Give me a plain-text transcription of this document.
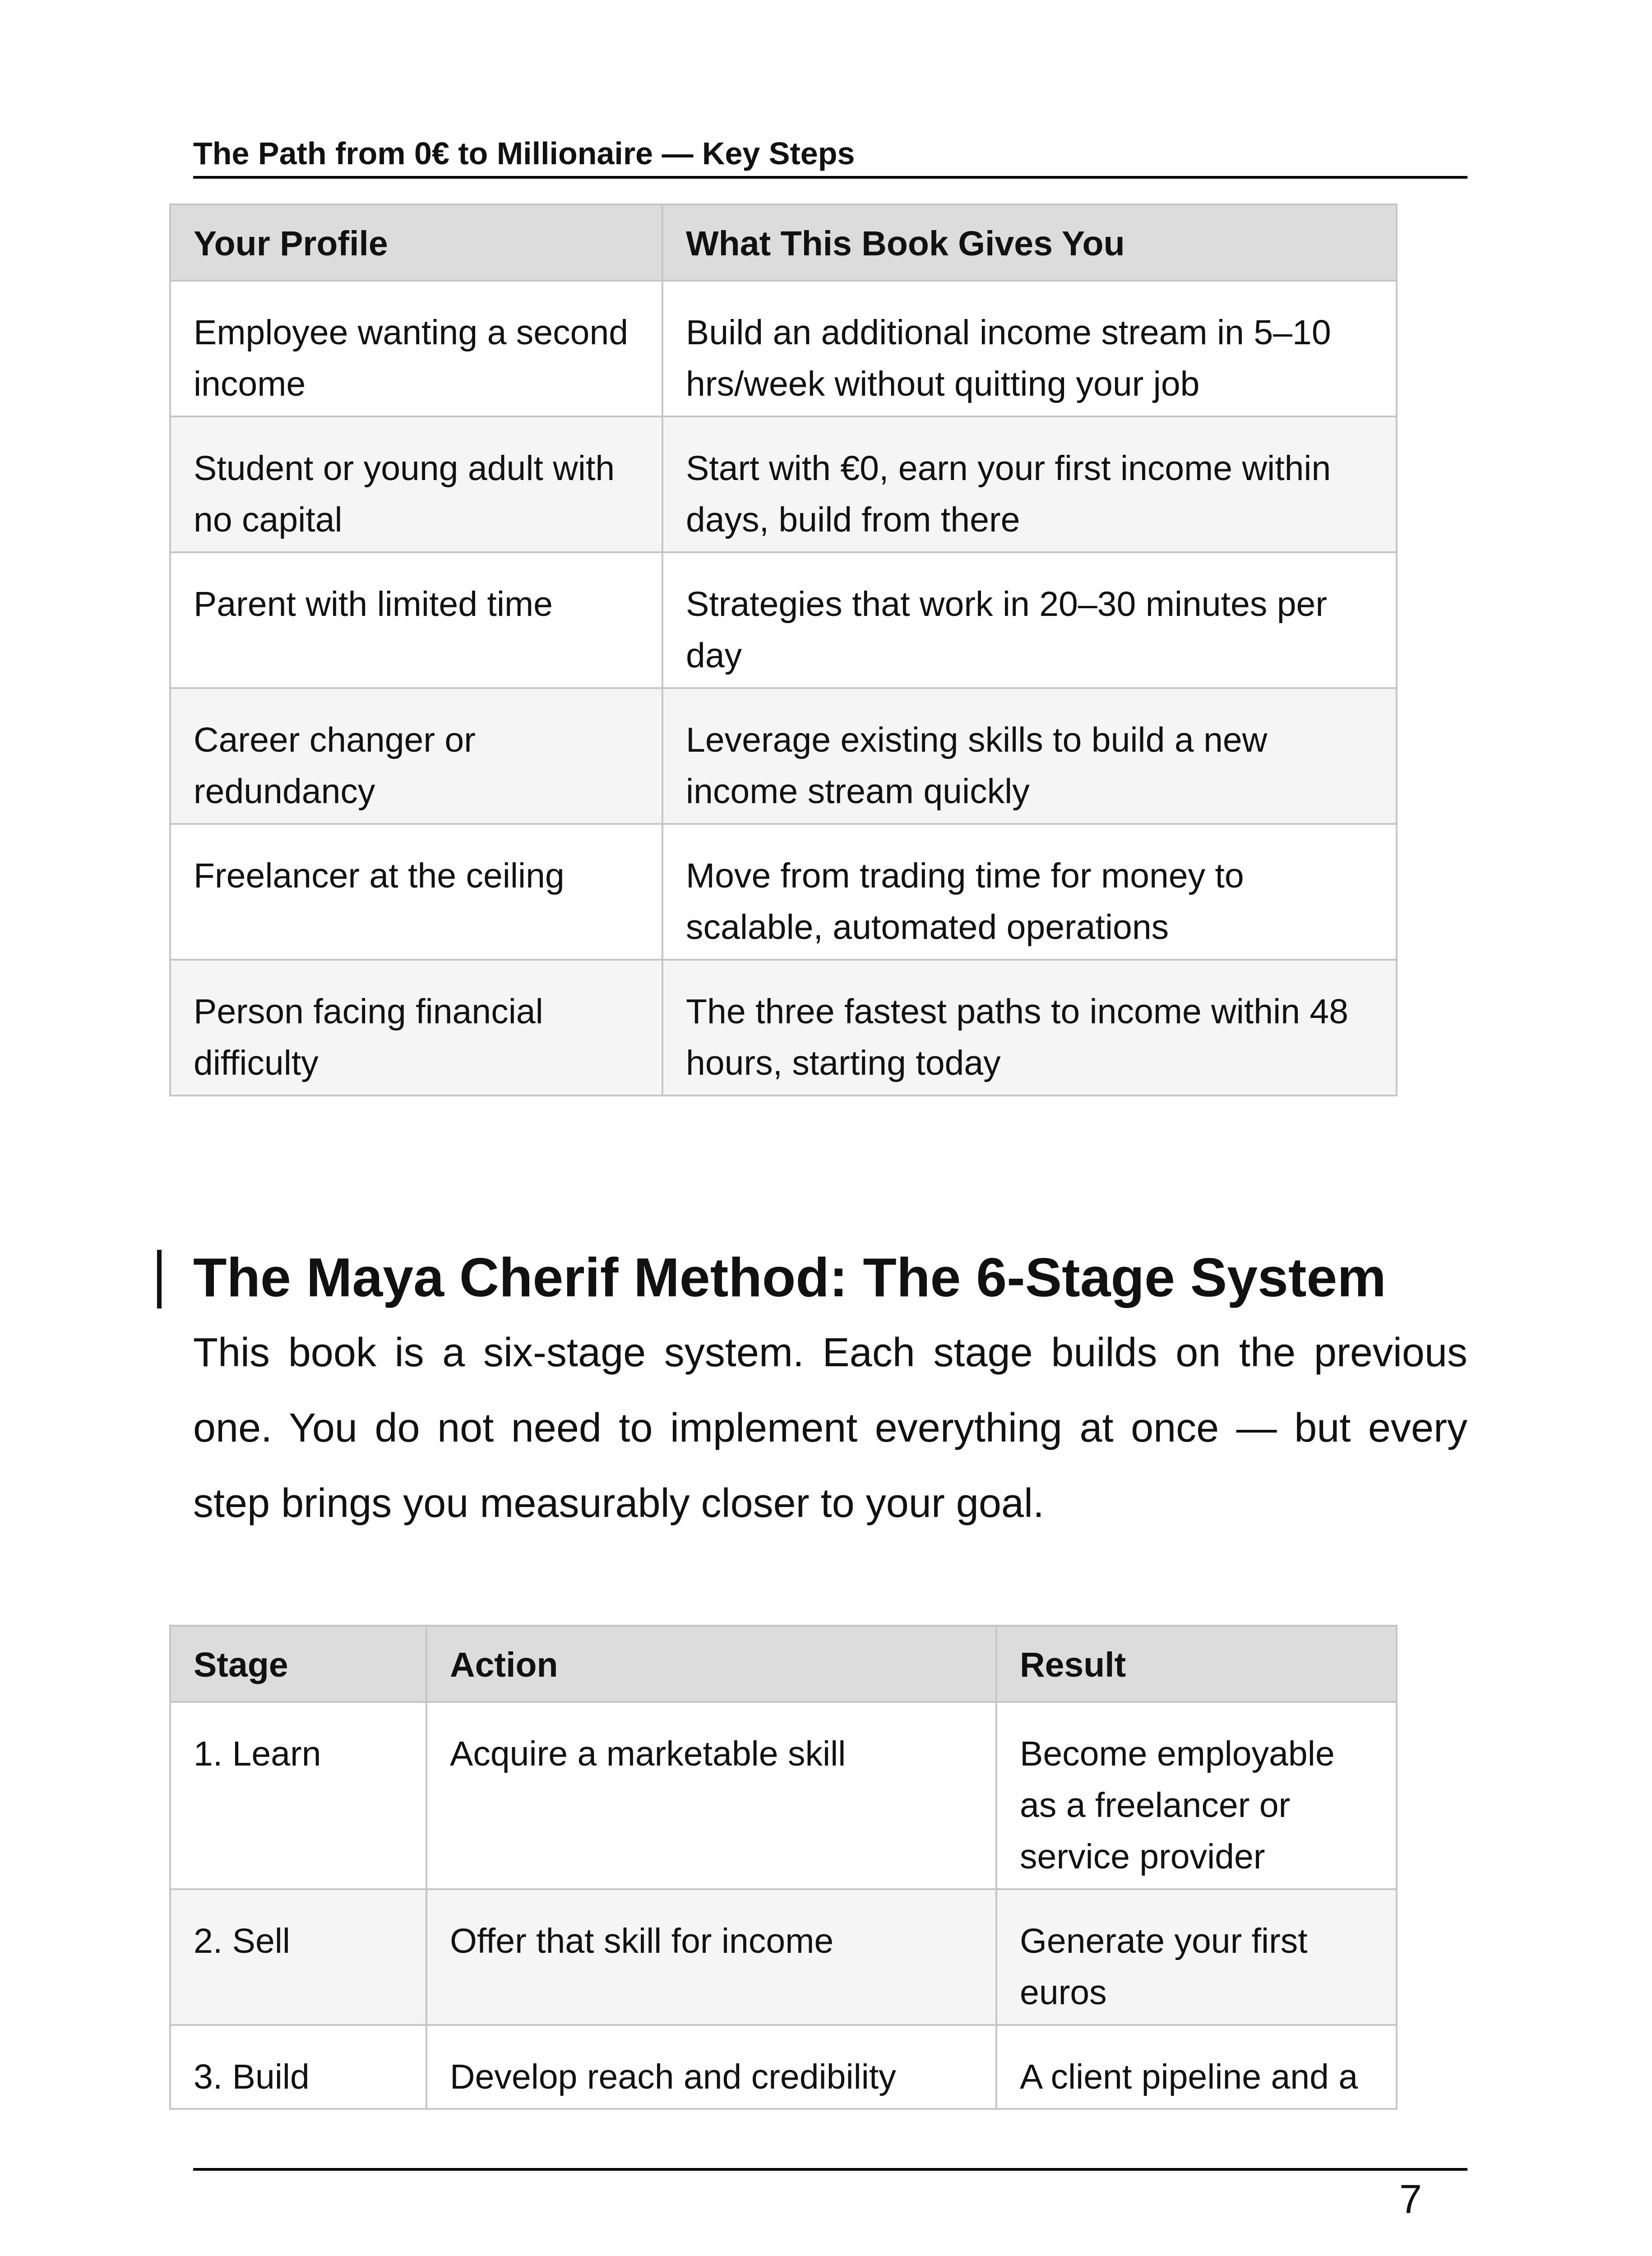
The Path from 0€ to Millionaire — Key Steps
Your Profile	What This Book Gives You
Employee wanting a second income	Build an additional income stream in 5–10 hrs/week without quitting your job
Student or young adult with no capital	Start with €0, earn your first income within days, build from there
Parent with limited time	Strategies that work in 20–30 minutes per day
Career changer or redundancy	Leverage existing skills to build a new income stream quickly
Freelancer at the ceiling	Move from trading time for money to scalable, automated operations
Person facing financial difficulty	The three fastest paths to income within 48 hours, starting today
The Maya Cherif Method: The 6-Stage System

This book is a six-stage system. Each stage builds on the previous one. You do not need to implement everything at once — but every step brings you measurably closer to your goal.

Stage	Action	Result
1. Learn	Acquire a marketable skill	Become employable as a freelancer or service provider
2. Sell	Offer that skill for income	Generate your first euros
3. Build	Develop reach and credibility	A client pipeline and a
7
